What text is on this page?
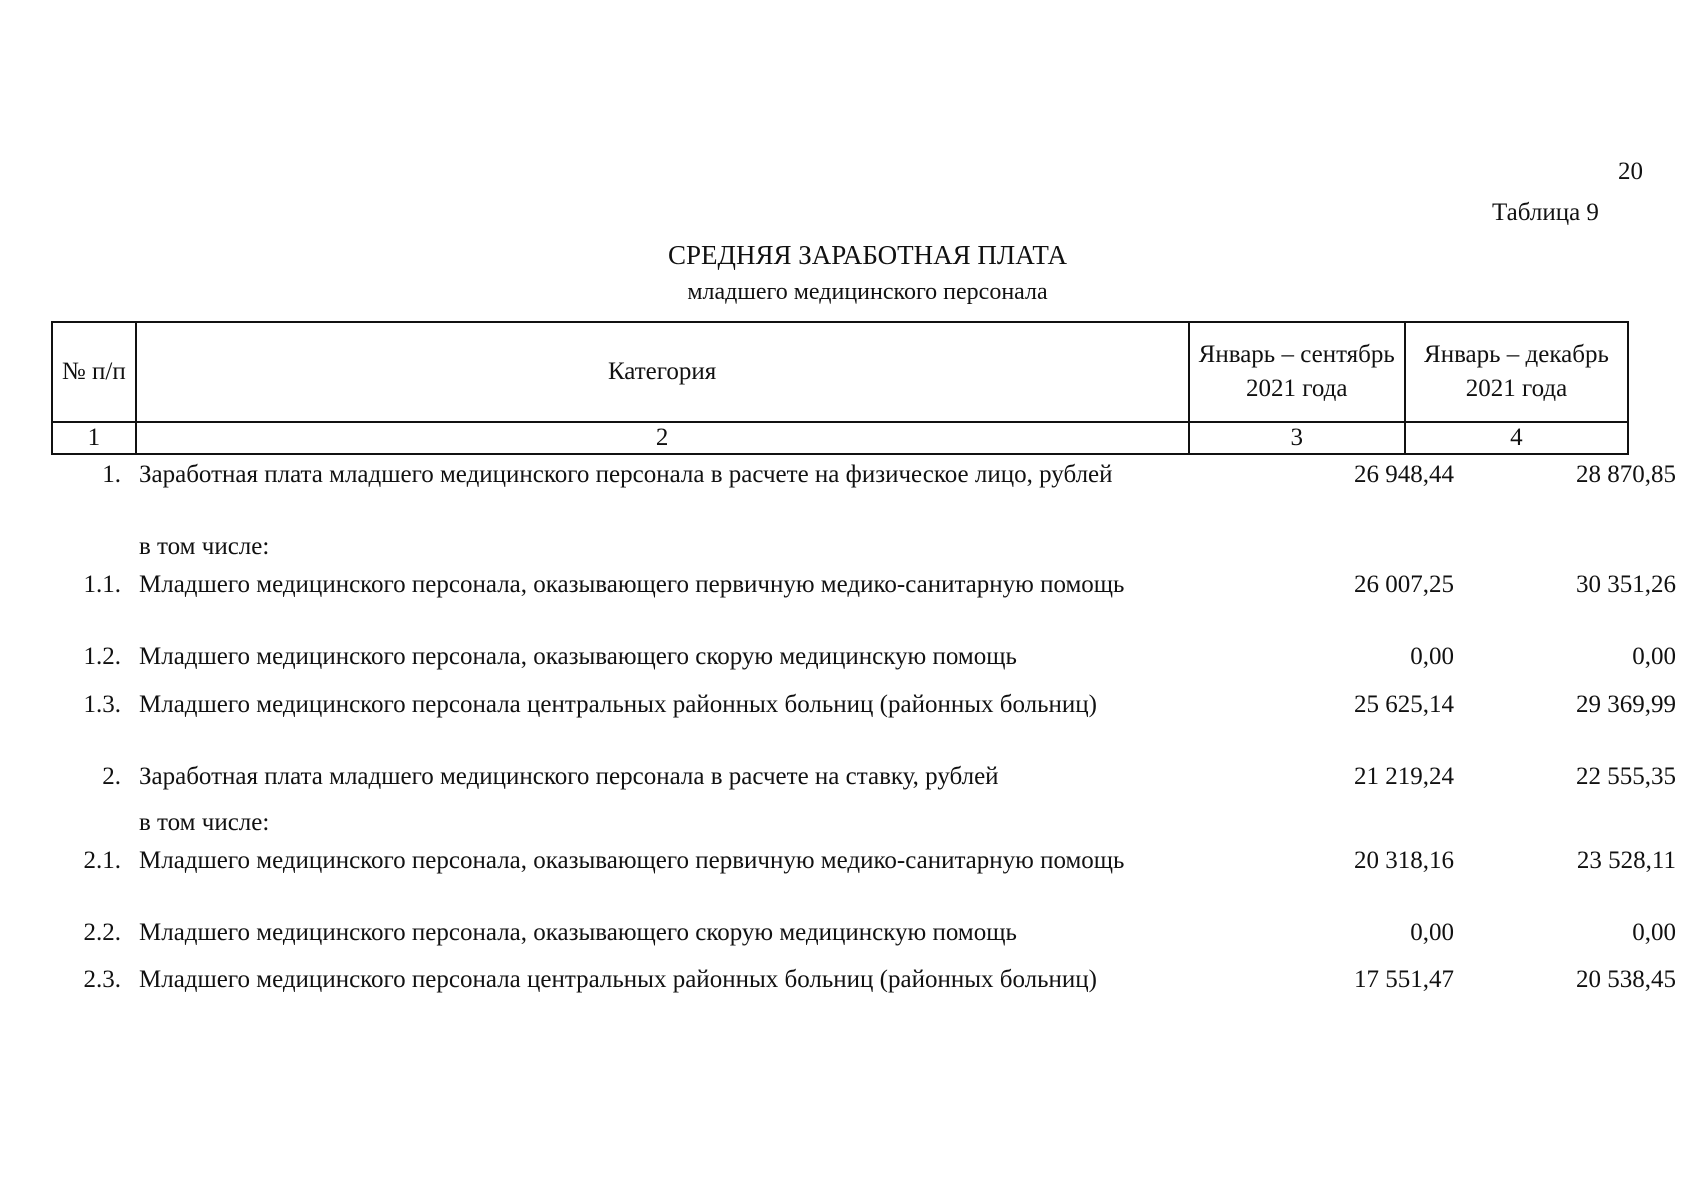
20
Таблица 9
СРЕДНЯЯ ЗАРАБОТНАЯ ПЛАТА
младшего медицинского персонала
№ п/п	Категория	Январь – сентябрь 2021 года	Январь – декабрь 2021 года
1	2	3	4
1. Заработная плата младшего медицинского персонала в расчете на физическое лицо, рублей	26 948,44	28 870,85
в том числе:
1.1. Младшего медицинского персонала, оказывающего первичную медико-санитарную помощь	26 007,25	30 351,26
1.2. Младшего медицинского персонала, оказывающего скорую медицинскую помощь	0,00	0,00
1.3. Младшего медицинского персонала центральных районных больниц (районных больниц)	25 625,14	29 369,99
2. Заработная плата младшего медицинского персонала в расчете на ставку, рублей	21 219,24	22 555,35
в том числе:
2.1. Младшего медицинского персонала, оказывающего первичную медико-санитарную помощь	20 318,16	23 528,11
2.2. Младшего медицинского персонала, оказывающего скорую медицинскую помощь	0,00	0,00
2.3. Младшего медицинского персонала центральных районных больниц (районных больниц)	17 551,47	20 538,45
